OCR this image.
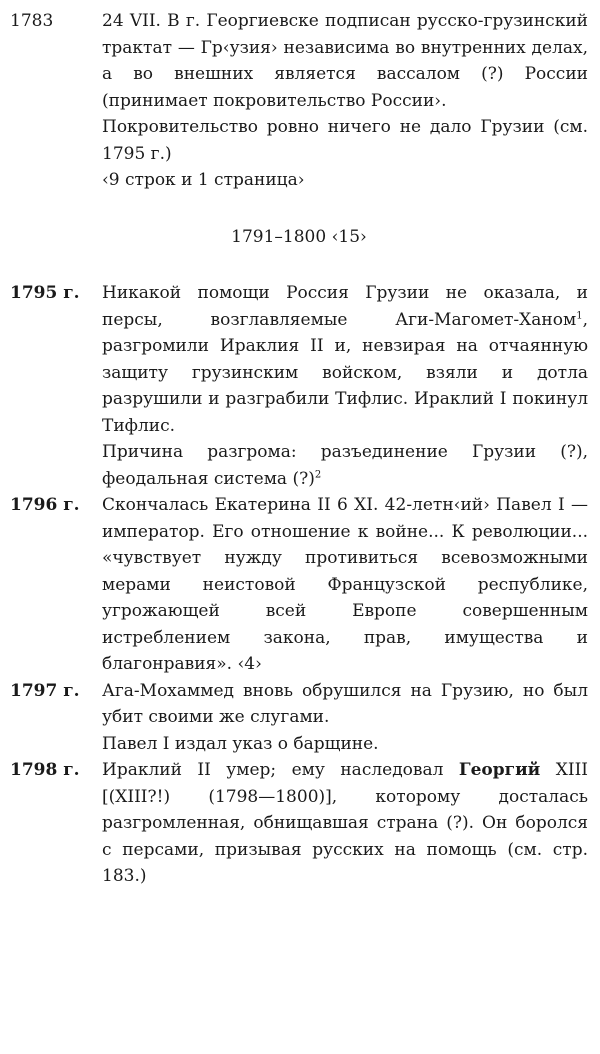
1783	24 VII. В г. Георгиевске подписан русско-грузинский трактат — Гр‹узия› независима во внутренних делах, а во внешних является вассалом (?) России (принимает покровительство России›.

Покровительство ровно ничего не дало Грузии (см. 1795 г.)

‹9 строк и 1 страница›

1791–1800 ‹15›
1795 г.	Никакой помощи Россия Грузии не оказала, и персы, возглавляемые Аги-Магомет-Ханом$^1$, разгромили Ираклия II и, невзирая на отчаянную защиту грузинским войском, взяли и дотла разрушили и разграбили Тифлис. Ираклий I покинул Тифлис.

Причина разгрома: разъединение Грузии (?), феодальная система (?)$^2$

1796 г.	Скончалась Екатерина II 6 XI. 42-летн‹ий› Павел I — император. Его отношение к войне... К революции... «чувствует нужду противиться всевозможными мерами неистовой Французской республике, угрожающей всей Европе совершенным истреблением закона, прав, имущества и благонравия». ‹4›

1797 г.	Ага-Мохаммед вновь обрушился на Грузию, но был убит своими же слугами.

Павел I издал указ о барщине.

1798 г.	Ираклий II умер; ему наследовал Георгий XIII [(XIII?!) (1798—1800)], которому досталась разгромленная, обнищавшая страна (?). Он боролся с персами, призывая русских на помощь (см. стр. 183.)
